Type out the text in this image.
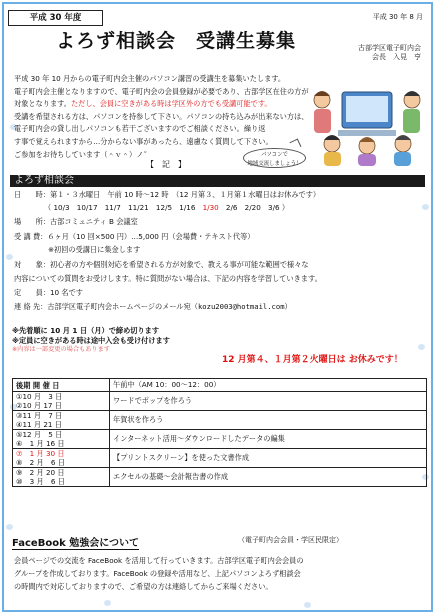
平成 30 年度	平成 30 年 8 月
よろず相談会　受講生募集	古部学区電子町内会
会長　入見　亨
平成 30 年 10 月からの電子町内会主催のパソコン講習の受講生を募集いたします。
電子町内会主催となりますので、電子町内会の会員登録が必要であり、古部学区在住の方が
対象となります。ただし、会員に空きがある時は学区外の方でも受講可能です。
受講を希望される方は、パソコンを持参して下さい。パソコンの持ち込みが出来ない方は、
電子町内会の貸し出しパソコンも若干ございますのでご相談ください。繰り返
す事で覚えられますから…分からない事があったら、遠慮なく質問して下さい。
ご参加をお待ちしています（＾ｖ＾）ノ˜	パソコンで
地域交流しましょう！
【　記　】
よろず相談会
日　　時：第１・３水曜日　午前 10 時〜12 時　（12 月第３、１月第１水曜日はお休みです）
（ 10/3　10/17　11/7　11/21　12/5　1/16　1/30　2/6　2/20　3/6 ）
場　　所：古部コミュニティ B 会議室
受 講 費：６ヶ月（10 回×500 円）…5,000 円（会場費・テキスト代等）
※初回の受講日に集金します
対　　象：初心者の方や個別対応を希望される方が対象で、教える事が可能な範囲で様々な
内容についての質問をお受けします。特に質問がない場合は、下記の内容を学習していきます。
定　　員：10 名です
連 絡 先：古部学区電子町内会ホームページのメール宛（kozu2003@hotmail.com）
※先着順に 10 月 1 日（月）で締め切ります
※定員に空きがある時は途中入会も受け付けます
※内容は一部変更の場合もあります
12 月第４、１月第２火曜日は お休みです！
後期 開 催 日	午前中（AM 10：00〜12：00）

①10 月　3 日
②10 月 17 日	ワードでポップを作ろう

③11 月　7 日
④11 月 21 日	年賀状を作ろう

⑤12 月　5 日
⑥　1 月 16 日	インターネット活用〜ダウンロードしたデータの編集

⑦　1 月 30 日
⑧　2 月　6 日	【プリントスクリーン】を使った文書作成

⑨　2 月 20 日
⑩　3 月　6 日	エクセルの基礎〜会計報告書の作成
FaceBook 勉強会について	（電子町内会会員・学区民限定）
会員ページでの交流を FaceBook を活用して行っていきます。古部学区電子町内会会員の
グループを作成しております。FaceBook の登録や活用など、上記パソコンよろず相談会
の時間内で対応しておりますので、ご希望の方は連絡してからご来場ください。
